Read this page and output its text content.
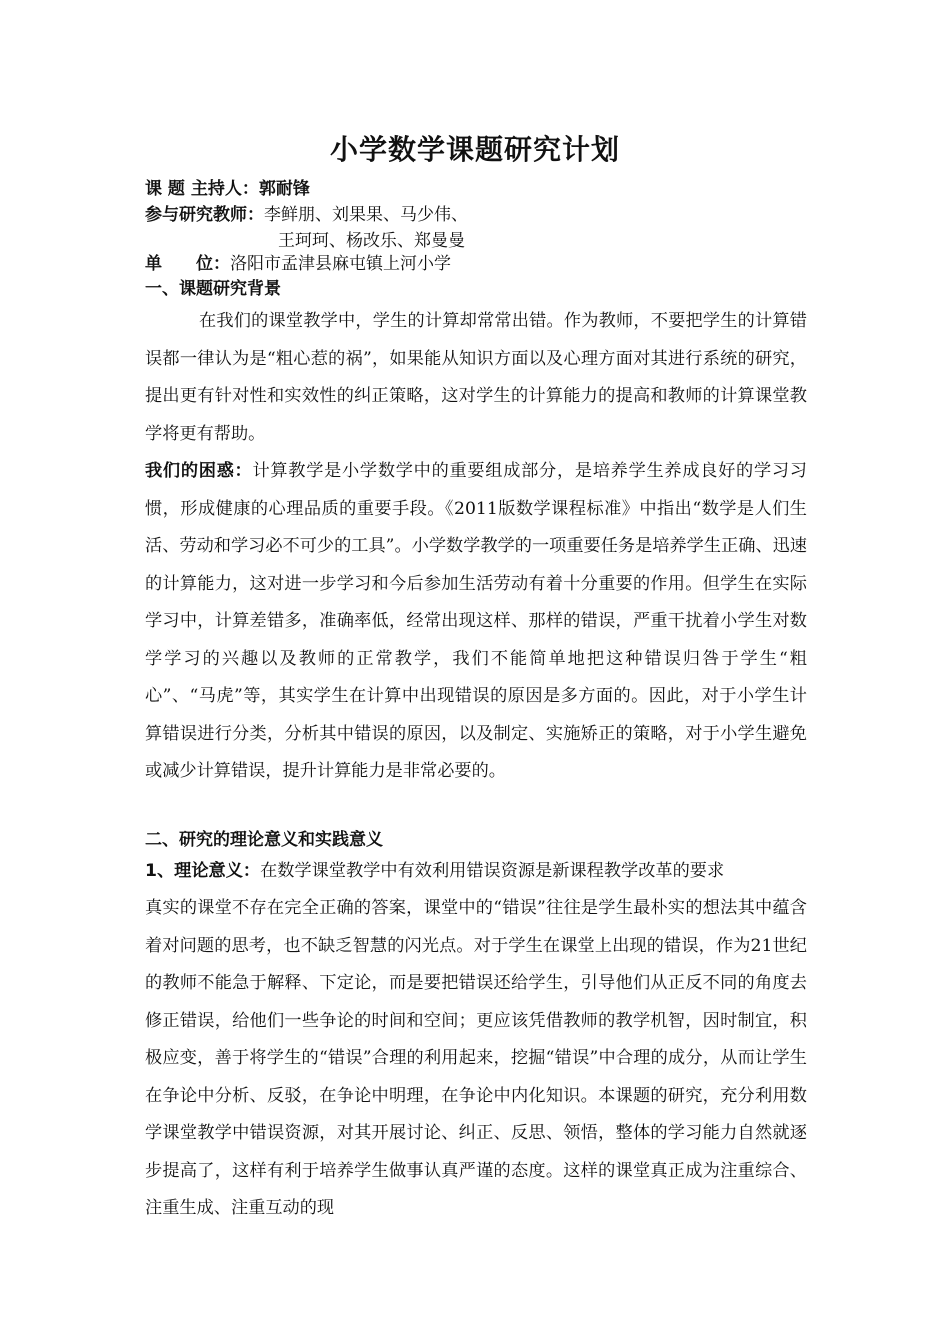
小学数学课题研究计划
课 题 主持人：郭耐锋
参与研究教师：李鲜朋、刘果果、马少伟、
王珂珂、杨改乐、郑曼曼
单　　位：洛阳市孟津县麻屯镇上河小学
一、课题研究背景
在我们的课堂教学中，学生的计算却常常出错。作为教师，不要把学生的计算错误都一律认为是“粗心惹的祸”，如果能从知识方面以及心理方面对其进行系统的研究，提出更有针对性和实效性的纠正策略，这对学生的计算能力的提高和教师的计算课堂教学将更有帮助。
我们的困惑：计算教学是小学数学中的重要组成部分，是培养学生养成良好的学习习惯，形成健康的心理品质的重要手段。《2011版数学课程标准》中指出“数学是人们生活、劳动和学习必不可少的工具”。小学数学教学的一项重要任务是培养学生正确、迅速的计算能力，这对进一步学习和今后参加生活劳动有着十分重要的作用。但学生在实际学习中，计算差错多，准确率低，经常出现这样、那样的错误，严重干扰着小学生对数学学习的兴趣以及教师的正常教学，我们不能简单地把这种错误归咎于学生“粗心”、“马虎”等，其实学生在计算中出现错误的原因是多方面的。因此，对于小学生计算错误进行分类，分析其中错误的原因，以及制定、实施矫正的策略，对于小学生避免或减少计算错误，提升计算能力是非常必要的。
二、研究的理论意义和实践意义
1、理论意义：在数学课堂教学中有效利用错误资源是新课程教学改革的要求
真实的课堂不存在完全正确的答案，课堂中的“错误”往往是学生最朴实的想法其中蕴含着对问题的思考，也不缺乏智慧的闪光点。对于学生在课堂上出现的错误，作为21世纪的教师不能急于解释、下定论，而是要把错误还给学生，引导他们从正反不同的角度去修正错误，给他们一些争论的时间和空间；更应该凭借教师的教学机智，因时制宜，积极应变，善于将学生的“错误”合理的利用起来，挖掘“错误”中合理的成分，从而让学生在争论中分析、反驳，在争论中明理，在争论中内化知识。本课题的研究，充分利用数学课堂教学中错误资源，对其开展讨论、纠正、反思、领悟，整体的学习能力自然就逐步提高了，这样有利于培养学生做事认真严谨的态度。这样的课堂真正成为注重综合、注重生成、注重互动的现
